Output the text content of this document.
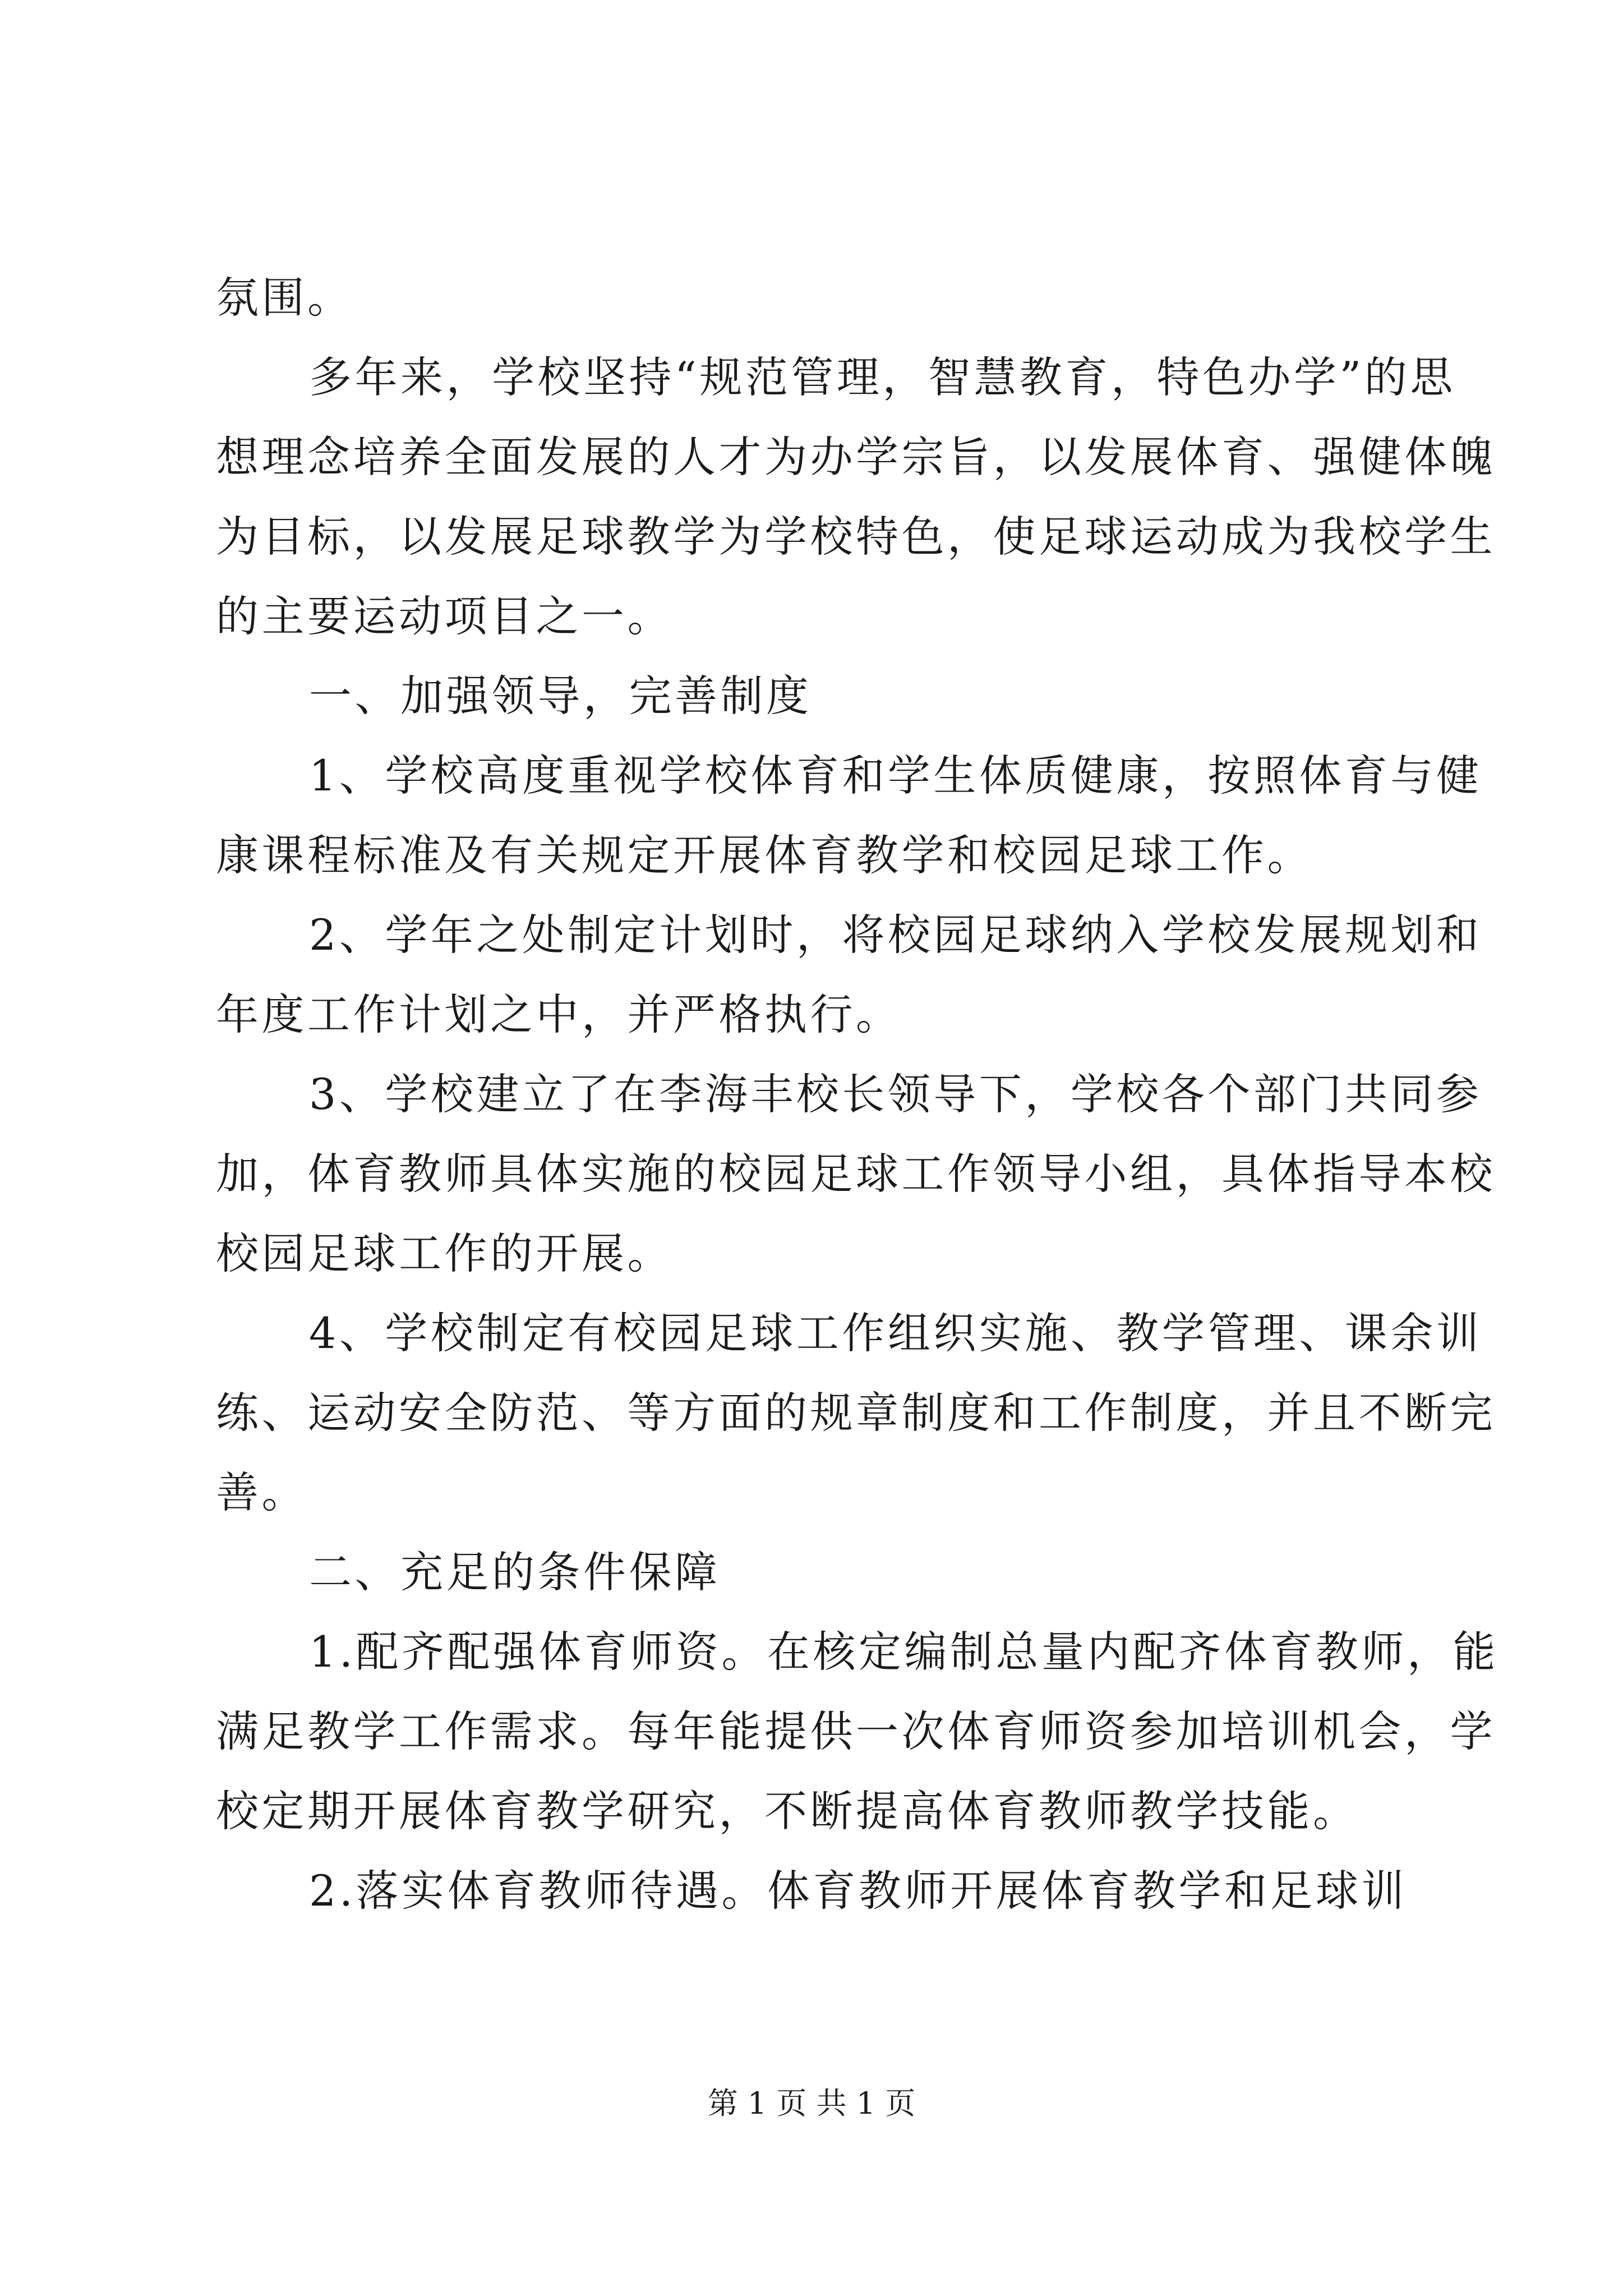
氛围。
多年来，学校坚持“规范管理，智慧教育，特色办学”的思
想理念培养全面发展的人才为办学宗旨，以发展体育、强健体魄
为目标，以发展足球教学为学校特色，使足球运动成为我校学生
的主要运动项目之一。
一、加强领导，完善制度
1、学校高度重视学校体育和学生体质健康，按照体育与健
康课程标准及有关规定开展体育教学和校园足球工作。
2、学年之处制定计划时，将校园足球纳入学校发展规划和
年度工作计划之中，并严格执行。
3、学校建立了在李海丰校长领导下，学校各个部门共同参
加，体育教师具体实施的校园足球工作领导小组，具体指导本校
校园足球工作的开展。
4、学校制定有校园足球工作组织实施、教学管理、课余训
练、运动安全防范、等方面的规章制度和工作制度，并且不断完
善。
二、充足的条件保障
1.配齐配强体育师资。在核定编制总量内配齐体育教师，能
满足教学工作需求。每年能提供一次体育师资参加培训机会，学
校定期开展体育教学研究，不断提高体育教师教学技能。
2.落实体育教师待遇。体育教师开展体育教学和足球训
第 1 页 共 1 页
